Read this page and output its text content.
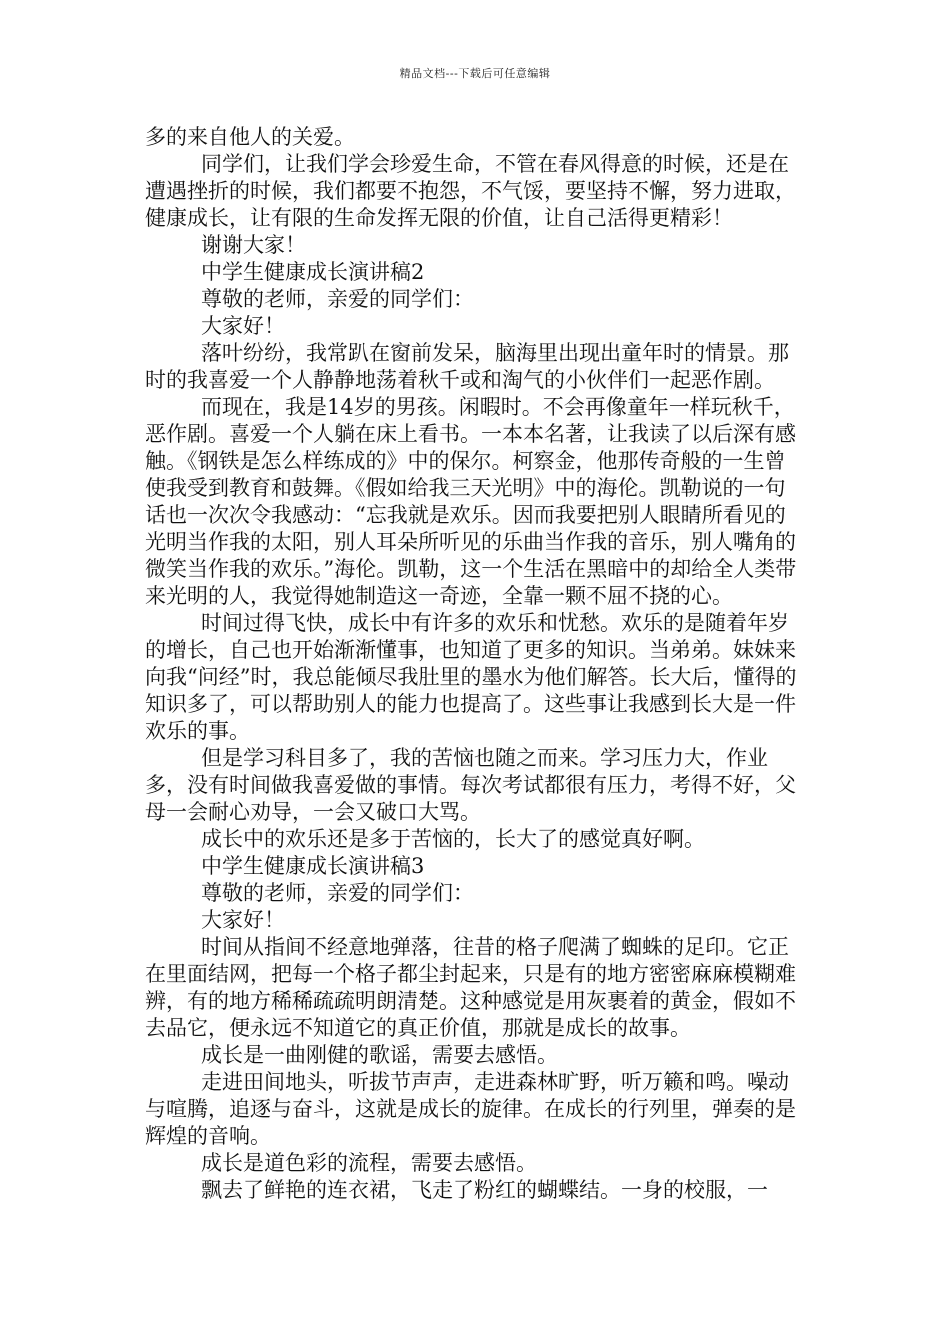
精品文档---下载后可任意编辑

多的来自他人的关爱。

同学们，让我们学会珍爱生命，不管在春风得意的时候，还是在遭遇挫折的时候，我们都要不抱怨，不气馁，要坚持不懈，努力进取，健康成长，让有限的生命发挥无限的价值，让自己活得更精彩！

谢谢大家！

中学生健康成长演讲稿2

尊敬的老师，亲爱的同学们：

大家好！

落叶纷纷，我常趴在窗前发呆，脑海里出现出童年时的情景。那时的我喜爱一个人静静地荡着秋千或和淘气的小伙伴们一起恶作剧。

而现在，我是14岁的男孩。闲暇时。不会再像童年一样玩秋千，恶作剧。喜爱一个人躺在床上看书。一本本名著，让我读了以后深有感触。《钢铁是怎么样练成的》中的保尔。柯察金，他那传奇般的一生曾使我受到教育和鼓舞。《假如给我三天光明》中的海伦。凯勒说的一句话也一次次令我感动：“忘我就是欢乐。因而我要把别人眼睛所看见的光明当作我的太阳，别人耳朵所听见的乐曲当作我的音乐，别人嘴角的微笑当作我的欢乐。”海伦。凯勒，这一个生活在黑暗中的却给全人类带来光明的人，我觉得她制造这一奇迹，全靠一颗不屈不挠的心。

时间过得飞快，成长中有许多的欢乐和忧愁。欢乐的是随着年岁的增长，自己也开始渐渐懂事，也知道了更多的知识。当弟弟。妹妹来向我“问经”时，我总能倾尽我肚里的墨水为他们解答。长大后，懂得的知识多了，可以帮助别人的能力也提高了。这些事让我感到长大是一件欢乐的事。

但是学习科目多了，我的苦恼也随之而来。学习压力大，作业多，没有时间做我喜爱做的事情。每次考试都很有压力，考得不好，父母一会耐心劝导，一会又破口大骂。

成长中的欢乐还是多于苦恼的，长大了的感觉真好啊。

中学生健康成长演讲稿3

尊敬的老师，亲爱的同学们：

大家好！

时间从指间不经意地弹落，往昔的格子爬满了蜘蛛的足印。它正在里面结网，把每一个格子都尘封起来，只是有的地方密密麻麻模糊难辨，有的地方稀稀疏疏明朗清楚。这种感觉是用灰裹着的黄金，假如不去品它，便永远不知道它的真正价值，那就是成长的故事。

成长是一曲刚健的歌谣，需要去感悟。

走进田间地头，听拔节声声，走进森林旷野，听万籁和鸣。噪动与喧腾，追逐与奋斗，这就是成长的旋律。在成长的行列里，弹奏的是辉煌的音响。

成长是道色彩的流程，需要去感悟。

飘去了鲜艳的连衣裙，飞走了粉红的蝴蝶结。一身的校服，一
